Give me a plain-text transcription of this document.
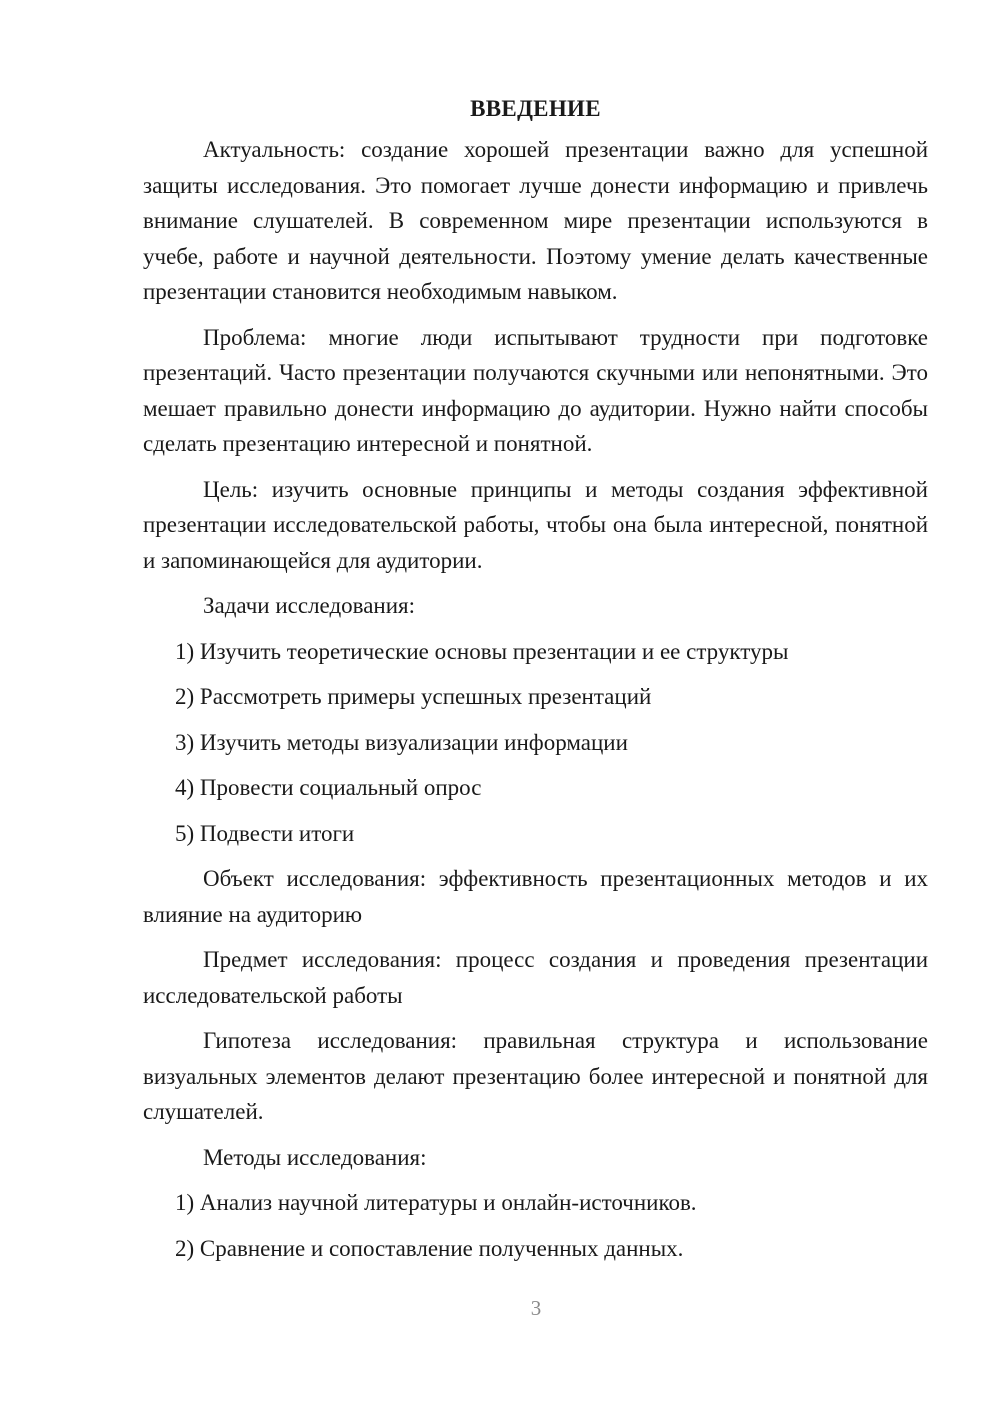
ВВЕДЕНИЕ

Актуальность: создание хорошей презентации важно для успешной защиты исследования. Это помогает лучше донести информацию и привлечь внимание слушателей. В современном мире презентации используются в учебе, работе и научной деятельности. Поэтому умение делать качественные презентации становится необходимым навыком.

Проблема: многие люди испытывают трудности при подготовке презентаций. Часто презентации получаются скучными или непонятными. Это мешает правильно донести информацию до аудитории. Нужно найти способы сделать презентацию интересной и понятной.

Цель: изучить основные принципы и методы создания эффективной презентации исследовательской работы, чтобы она была интересной, понятной и запоминающейся для аудитории.

Задачи исследования:

1) Изучить теоретические основы презентации и ее структуры

2) Рассмотреть примеры успешных презентаций

3) Изучить методы визуализации информации

4) Провести социальный опрос

5) Подвести итоги

Объект исследования: эффективность презентационных методов и их влияние на аудиторию

Предмет исследования: процесс создания и проведения презентации исследовательской работы

Гипотеза исследования: правильная структура и использование визуальных элементов делают презентацию более интересной и понятной для слушателей.

Методы исследования:

1) Анализ научной литературы и онлайн-источников.

2) Сравнение и сопоставление полученных данных.

3
